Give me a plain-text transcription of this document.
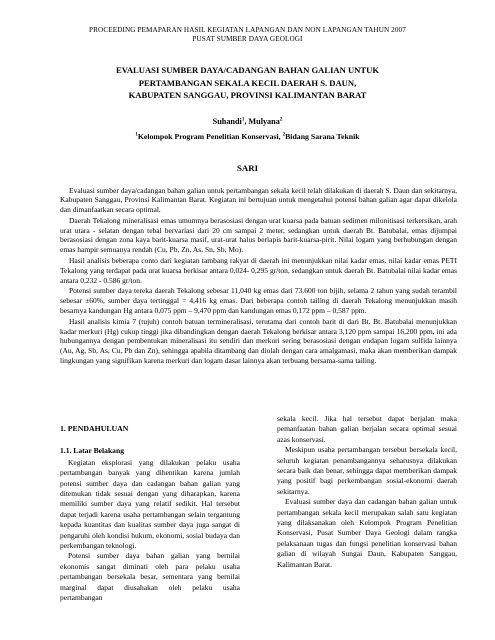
PROCEEDING PEMAPARAN HASIL KEGIATAN LAPANGAN DAN NON LAPANGAN TAHUN 2007
PUSAT SUMBER DAYA GEOLOGI
EVALUASI SUMBER DAYA/CADANGAN BAHAN GALIAN UNTUK
PERTAMBANGAN SEKALA KECIL DAERAH S. DAUN,
KABUPATEN SANGGAU, PROVINSI KALIMANTAN BARAT
Suhandi$^1$, Mulyana$^2$
$^1$Kelompok Program Penelitian Konservasi, $^2$Bidang Sarana Teknik
SARI

Evaluasi sumber daya/cadangan bahan galian untuk pertambangan sekala kecil telah dilakukan di daerah S. Daun dan sekitarnya, Kabupaten Sanggau, Provinsi Kalimantan Barat. Kegiatan ini bertujuan untuk mengetahui potensi bahan galian agar dapat dikelola dan dimanfaatkan secara optimal.

Daerah Tekalong mineralisasi emas umumnya berasosiasi dengan urat kuarsa pada batuan sedimen milonitisasi terkersikan, arah urat utara - selatan dengan tebal bervariasi dari 20 cm sampai 2 meter, sedangkan untuk daerah Bt. Batubalai, emas dijumpai berasosiasi dengan zona kaya barit-kuarsa masif, urat-urat halus berlapis barit-kuarsa-pirit. Nilai logam yang berhubungan dengan emas hampir semuanya rendah (Cu, Pb, Zn, As, Sn, Sb, Mo).

Hasil analisis beberapa conto dari kegiatan tambang rakyat di daerah ini menunjukkan nilai kadar emas, nilai kadar emas PETI Tekalong yang terdapat pada urat kuarsa berkisar antara 0,024- 0,295 gr/ton, sedangkan untuk daerah Bt. Batubalai nilai kadar emas antara 0,232 - 0.586 gr/ton.

Potensi sumber daya tereka daerah Tekalong sebesar 11,040 kg emas dari 73.600 ton bijih, selama 2 tahun yang sudah terambil sebesar ±60%, sumber daya tertinggal = 4,416 kg emas. Dari beberapa contoh tailing di daerah Tekalong menunjukkan masih besarnya kandungan Hg antara 0,075 ppm – 9,470 ppm dan kandungan emas 0,172 ppm – 0,587 ppm.

Hasil analisis kimia 7 (tujuh) contoh batuan termineralisasi, terutama dari contoh barit di dari Bt. Bt. Batubalai menunjukkan kadar merkuri (Hg) cukup tinggi jika dibandingkan dengan daerah Tekalong berkisar antara 3,120 ppm sampai 16,200 ppm, ini ada hubungannya dengan pembentukan mineralisasi itu sendiri dan merkuri sering berasosiasi dengan endapan logam sulfida lainnya (Au, Ag, Sb, As, Cu, Pb dan Zn), sehingga apabila ditambang dan diolah dengan cara amalgamasi, maka akan memberikan dampak lingkungan yang signifikan karena merkuri dan logam dasar lainnya akan terbuang bersama-sama tailing.

1. PENDAHULUAN
1.1. Latar Belakang

Kegiatan eksplorasi yang dilakukan pelaku usaha pertambangan banyak yang dihentikan karena jumlah potensi sumber daya dan cadangan bahan galian yang ditemukan tidak sesuai dengan yang diharapkan, karena memiliki sumber daya yang relatif sedikit. Hal tersebut dapat terjadi karena usaha pertambangan selain tergantung kepada kuantitas dan kualitas sumber daya juga sangat di pengaruhi oleh kondisi hukum, ekonomi, sosial budaya dan perkembangan teknologi.

Potensi sumber daya bahan galian yang bernilai ekonomis sangat diminati oleh para pelaku usaha pertambangan bersekala besar, sementara yang bernilai marginal dapat diusahakan oleh pelaku usaha pertambangan

sekala kecil. Jika hal tersebut dapat berjalan maka pemanfaatan bahan galian berjalan secara optimal sesuai azas konservasi.

Meskipun usaha pertambangan tersebut bersekala kecil, seluruh kegiatan penambangannya seharusnya dilakukan secara baik dan benar, sehingga dapat memberikan dampak yang positif bagi perkembangan sosial-ekonomi daerah sekitarnya.

Evaluasi sumber daya dan cadangan bahan galian untuk pertambangan sekala kecil merupakan salah satu kegiatan yang dilaksanakan oleh Kelompok Program Penelitian Konservasi, Pusat Sumber Daya Geologi dalam rangka pelaksanaan tugas dan fungsi penelitian konservasi bahan galian di wilayah Sungai Daun, Kabupaten Sanggau, Kalimantan Barat.
